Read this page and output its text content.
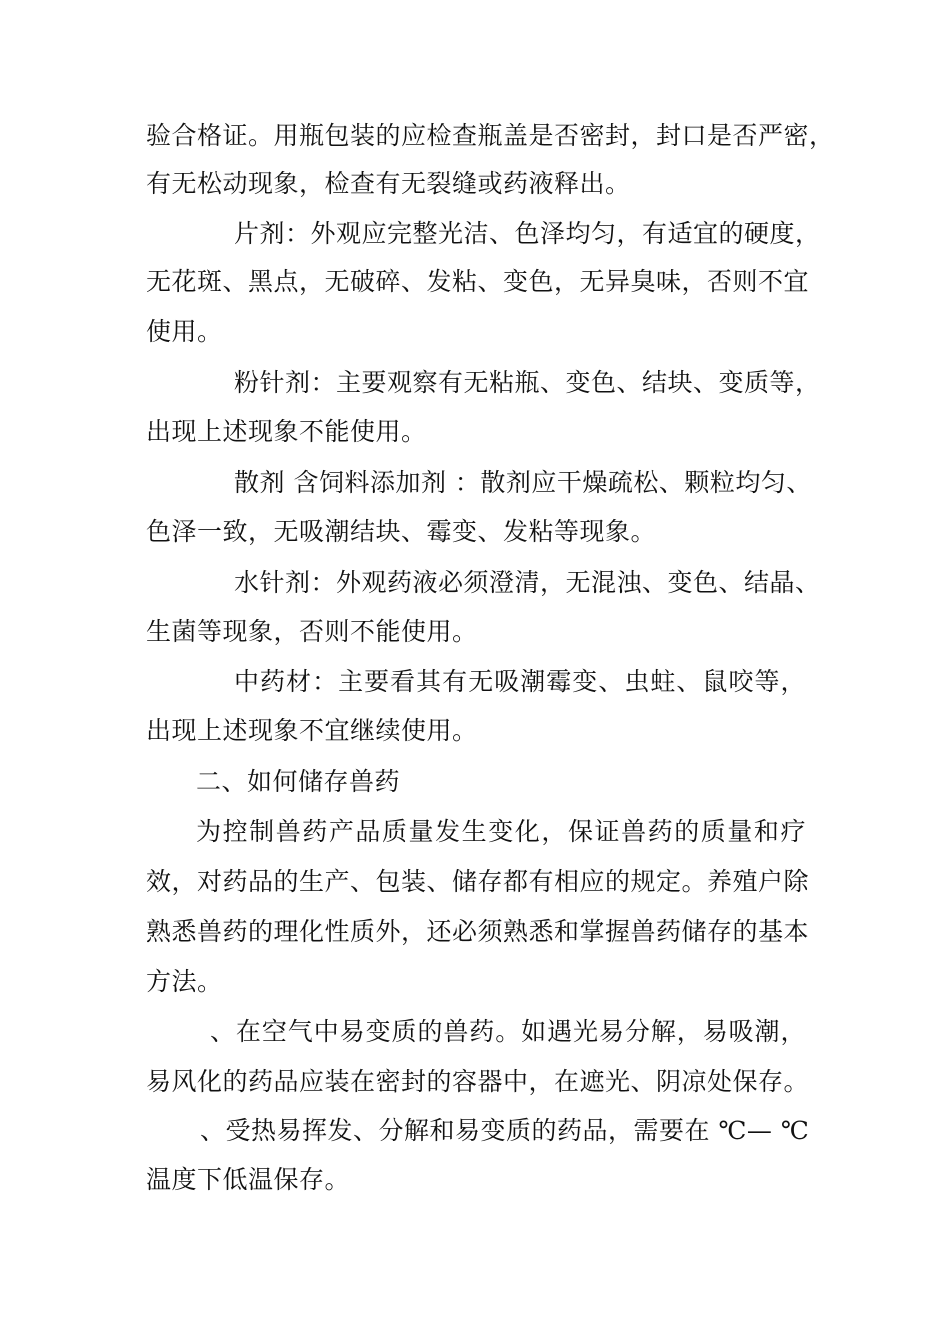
验合格证。用瓶包装的应检查瓶盖是否密封，封口是否严密，
有无松动现象，检查有无裂缝或药液释出。
片剂：外观应完整光洁、色泽均匀，有适宜的硬度，
无花斑、黑点，无破碎、发粘、变色，无异臭味，否则不宜
使用。
粉针剂：主要观察有无粘瓶、变色、结块、变质等，
出现上述现象不能使用。
散剂 含饲料添加剂 ：散剂应干燥疏松、颗粒均匀、
色泽一致，无吸潮结块、霉变、发粘等现象。
水针剂：外观药液必须澄清，无混浊、变色、结晶、
生菌等现象，否则不能使用。
中药材：主要看其有无吸潮霉变、虫蛀、鼠咬等，
出现上述现象不宜继续使用。
二、如何储存兽药
为控制兽药产品质量发生变化，保证兽药的质量和疗
效，对药品的生产、包装、储存都有相应的规定。养殖户除
熟悉兽药的理化性质外，还必须熟悉和掌握兽药储存的基本
方法。
、在空气中易变质的兽药。如遇光易分解，易吸潮，
易风化的药品应装在密封的容器中，在遮光、阴凉处保存。
、受热易挥发、分解和易变质的药品，需要在 ℃— ℃
温度下低温保存。
